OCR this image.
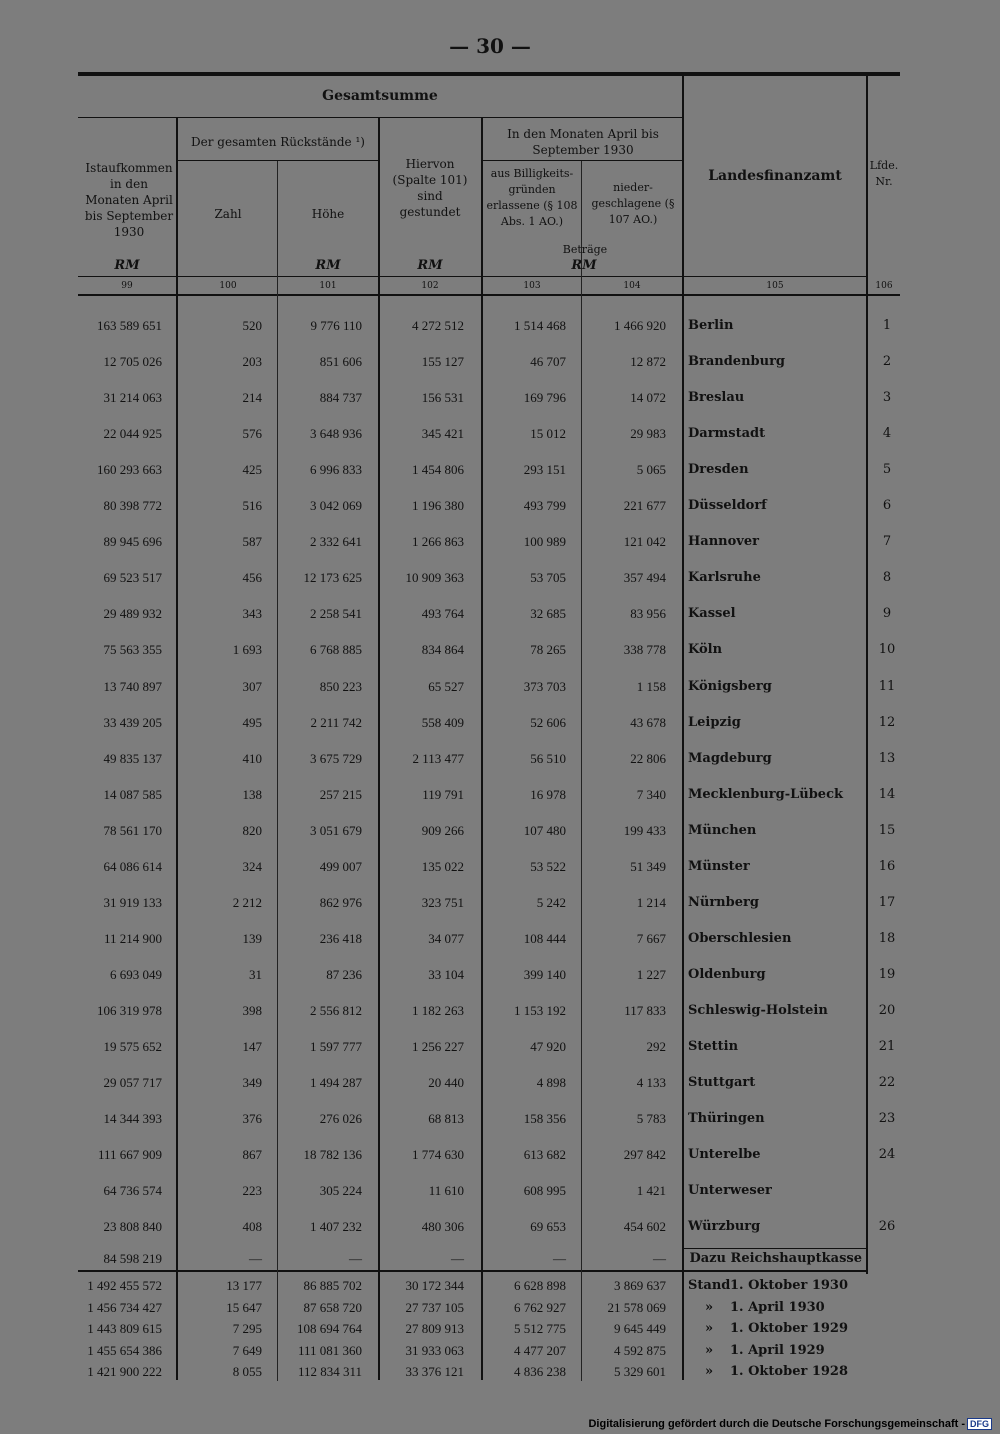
— 30 —
Gesamtsumme
Istaufkommen in den Monaten April bis September 1930
Der gesamten Rückstände ¹)
Zahl	Höhe
Hiervon (Spalte 101) sind gestundet
In den Monaten April bis September 1930
aus Billigkeits-gründen erlassene (§ 108 Abs. 1 AO.)
nieder-geschlagene (§ 107 AO.)
Beträge
Landesfinanzamt
Lfde. Nr.
RM	RM	RM	RM
99	100	101	102	103	104	105	106
163 589 651	520	9 776 110	4 272 512	1 514 468	1 466 920 Berlin	1
12 705 026	203	851 606	155 127	46 707	12 872 Brandenburg	2
31 214 063	214	884 737	156 531	169 796	14 072 Breslau	3
22 044 925	576	3 648 936	345 421	15 012	29 983 Darmstadt	4
160 293 663	425	6 996 833	1 454 806	293 151	5 065 Dresden	5
80 398 772	516	3 042 069	1 196 380	493 799	221 677 Düsseldorf	6
89 945 696	587	2 332 641	1 266 863	100 989	121 042 Hannover	7
69 523 517	456	12 173 625	10 909 363	53 705	357 494 Karlsruhe	8
29 489 932	343	2 258 541	493 764	32 685	83 956 Kassel	9
75 563 355	1 693	6 768 885	834 864	78 265	338 778 Köln	10
13 740 897	307	850 223	65 527	373 703	1 158 Königsberg	11
33 439 205	495	2 211 742	558 409	52 606	43 678 Leipzig	12
49 835 137	410	3 675 729	2 113 477	56 510	22 806 Magdeburg	13
14 087 585	138	257 215	119 791	16 978	7 340 Mecklenburg-Lübeck	14
78 561 170	820	3 051 679	909 266	107 480	199 433 München	15
64 086 614	324	499 007	135 022	53 522	51 349 Münster	16
31 919 133	2 212	862 976	323 751	5 242	1 214 Nürnberg	17
11 214 900	139	236 418	34 077	108 444	7 667 Oberschlesien	18
6 693 049	31	87 236	33 104	399 140	1 227 Oldenburg	19
106 319 978	398	2 556 812	1 182 263	1 153 192	117 833 Schleswig-Holstein	20
19 575 652	147	1 597 777	1 256 227	47 920	292 Stettin	21
29 057 717	349	1 494 287	20 440	4 898	4 133 Stuttgart	22
14 344 393	376	276 026	68 813	158 356	5 783 Thüringen	23
111 667 909	867	18 782 136	1 774 630	613 682	297 842 Unterelbe	24
64 736 574	223	305 224	11 610	608 995	1 421 Unterweser
23 808 840	408	1 407 232	480 306	69 653	454 602 Würzburg	26
84 598 219	—	—	—	—	— Dazu Reichshauptkasse
1 492 455 572	13 177	86 885 702	30 172 344	6 628 898	3 869 637 Stand 1. Oktober 1930
1 456 734 427	15 647	87 658 720	27 737 105	6 762 927	21 578 069	»	1. April 1930
1 443 809 615	7 295	108 694 764	27 809 913	5 512 775	9 645 449	»	1. Oktober 1929
1 455 654 386	7 649	111 081 360	31 933 063	4 477 207	4 592 875	»	1. April 1929
1 421 900 222	8 055	112 834 311	33 376 121	4 836 238	5 329 601	»	1. Oktober 1928
Digitalisierung gefördert durch die Deutsche Forschungsgemeinschaft - DFG
